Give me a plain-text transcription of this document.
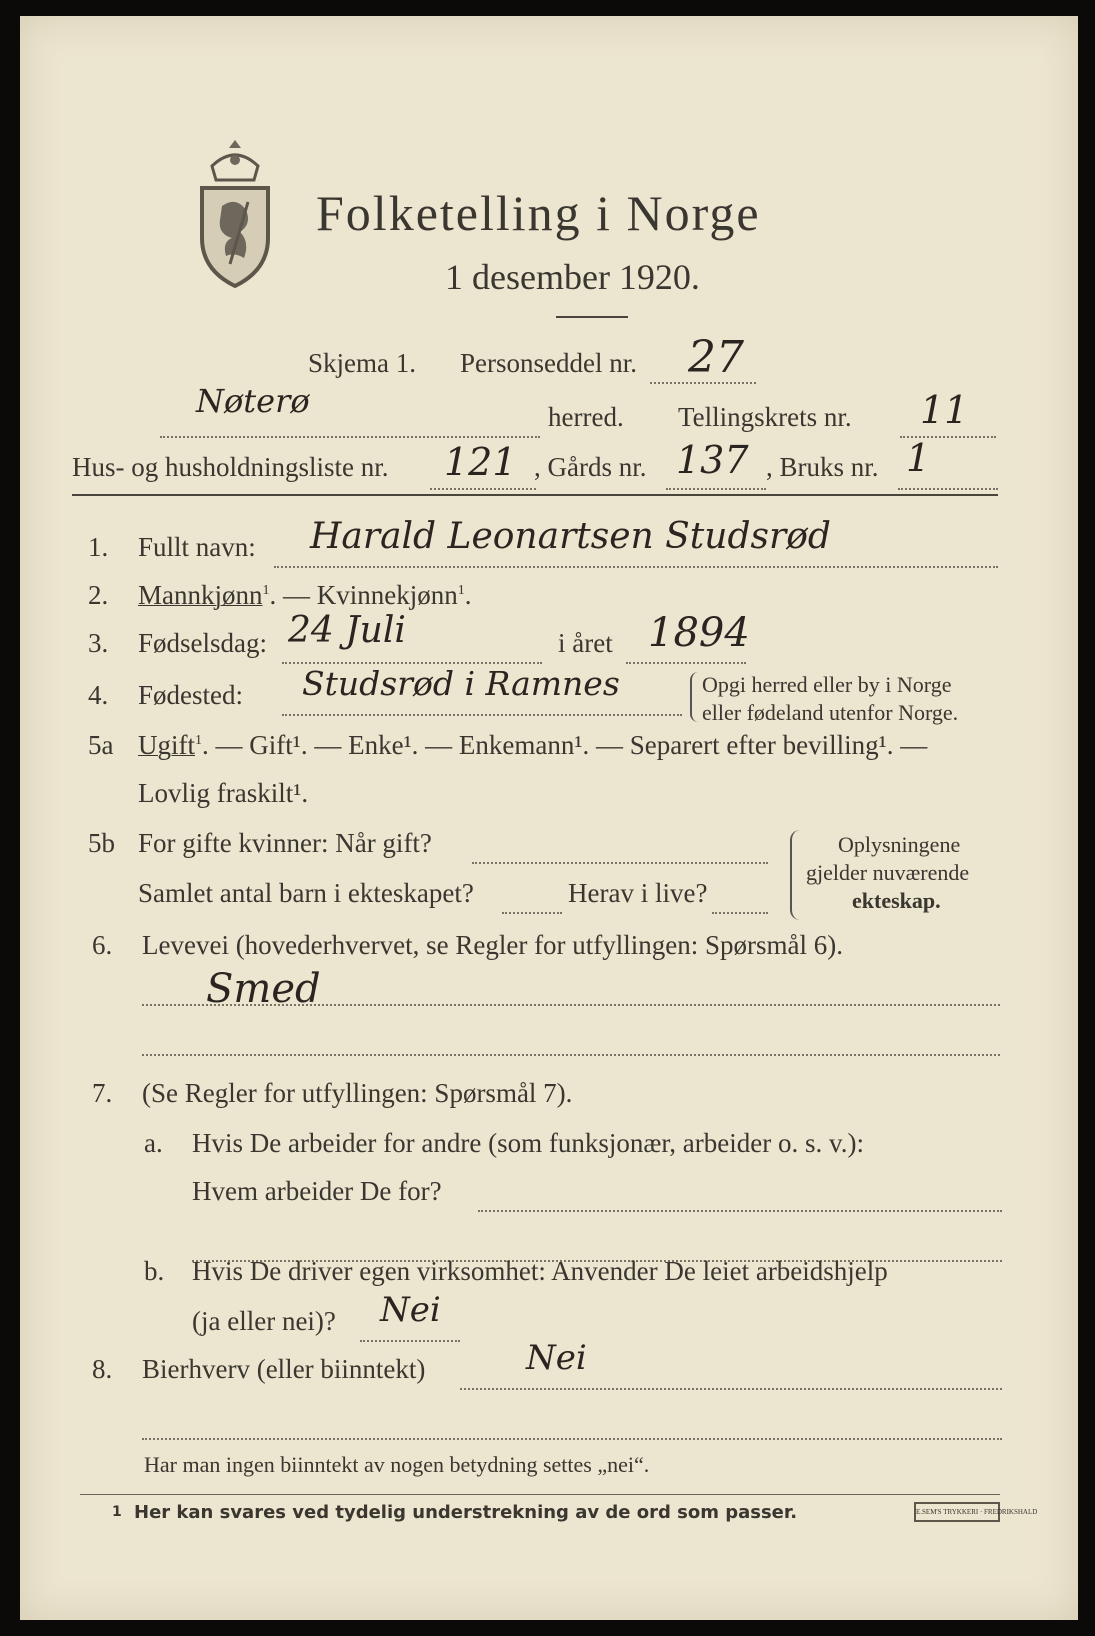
Folketelling i Norge
1 desember 1920.
Skjema 1. Personseddel nr. 27
Nøterø	herred. Tellingskrets nr. 11
Hus- og husholdningsliste nr. 121 , Gårds nr. 137 , Bruks nr. 1
1. Fullt navn: Harald Leonartsen Studsrød
2. Mannkjønn$^1$. — Kvinnekjønn$^1$.
3. Fødselsdag: 24 Juli	i året 1894
4. Fødested: Studsrød i Ramnes	Opgi herred eller by i Norge
eller fødeland utenfor Norge.
5a Ugift$^1$. — Gift¹. — Enke¹. — Enkemann¹. — Separert efter bevilling¹. —
Lovlig fraskilt¹.
5b For gifte kvinner: Når gift?
Samlet antal barn i ekteskapet?	Herav i live?
Oplysningene
gjelder nuværende
ekteskap.
6. Levevei (hovederhvervet, se Regler for utfyllingen: Spørsmål 6).
Smed
7. (Se Regler for utfyllingen: Spørsmål 7).
a. Hvis De arbeider for andre (som funksjonær, arbeider o. s. v.):
Hvem arbeider De for?
b. Hvis De driver egen virksomhet: Anvender De leiet arbeidshjelp
(ja eller nei)? Nei
8. Bierhverv (eller biinntekt)	Nei
Har man ingen biinntekt av nogen betydning settes „nei“.
1 Her kan svares ved tydelig understrekning av de ord som passer.	E.SEM'S TRYKKERI · FREDRIKSHALD
